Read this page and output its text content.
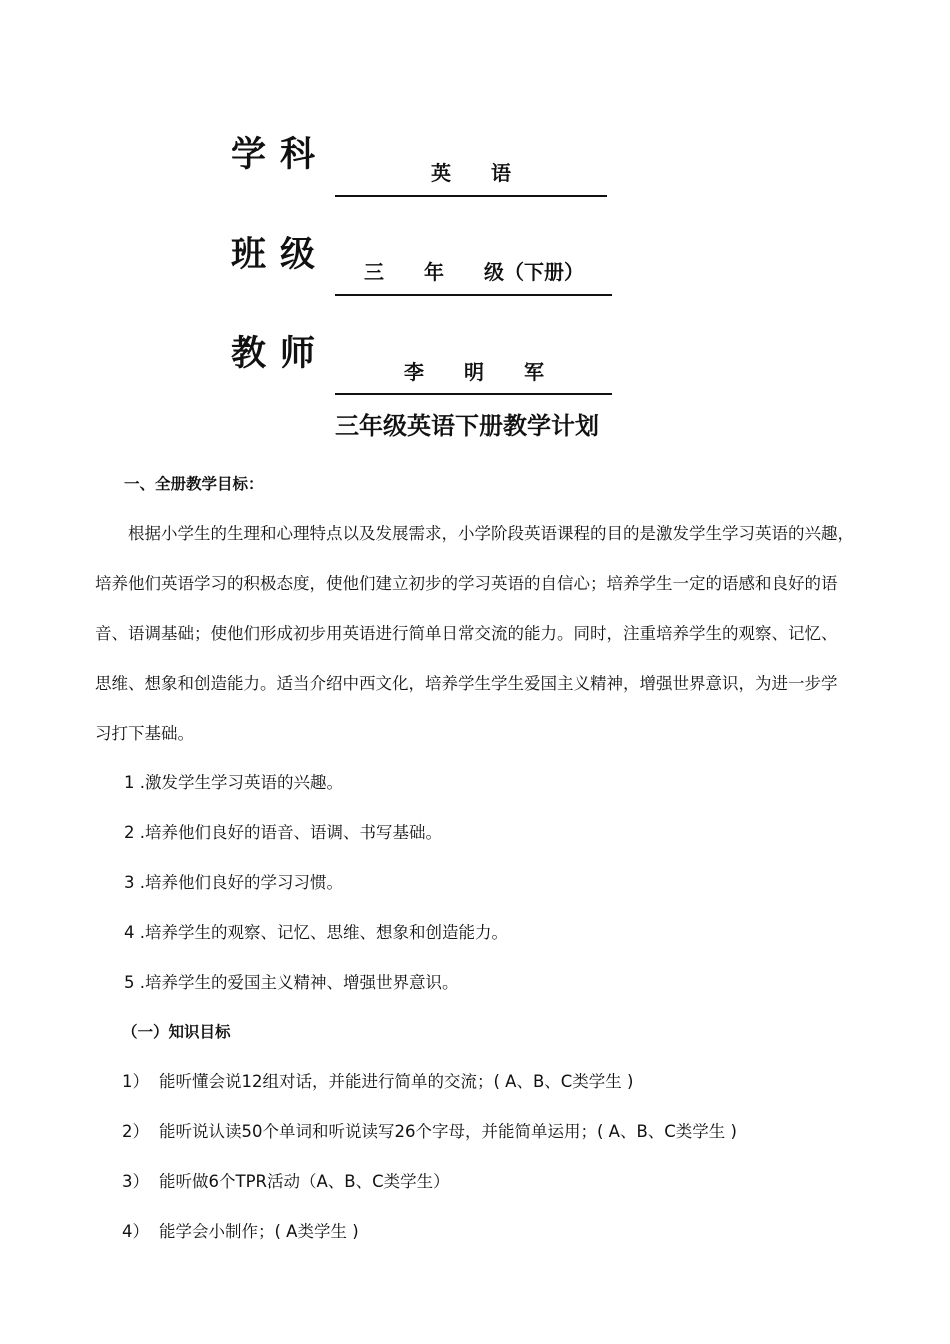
学科	英　　语
班级	三　　年　　级（下册）
教师	李　　明　　军
三年级英语下册教学计划
一、全册教学目标：
根据小学生的生理和心理特点以及发展需求，小学阶段英语课程的目的是激发学生学习英语的兴趣，
培养他们英语学习的积极态度，使他们建立初步的学习英语的自信心；培养学生一定的语感和良好的语
音、语调基础；使他们形成初步用英语进行简单日常交流的能力。同时，注重培养学生的观察、记忆、
思维、想象和创造能力。适当介绍中西文化，培养学生学生爱国主义精神，增强世界意识，为进一步学
习打下基础。
1 .激发学生学习英语的兴趣。
2 .培养他们良好的语音、语调、书写基础。
3 .培养他们良好的学习习惯。
4 .培养学生的观察、记忆、思维、想象和创造能力。
5 .培养学生的爱国主义精神、增强世界意识。
（一）知识目标
1） 能听懂会说12组对话，并能进行简单的交流；( A、B、C类学生 )
2） 能听说认读50个单词和听说读写26个字母，并能简单运用；( A、B、C类学生 )
3） 能听做6个TPR活动（A、B、C类学生）
4） 能学会小制作；( A类学生 )
